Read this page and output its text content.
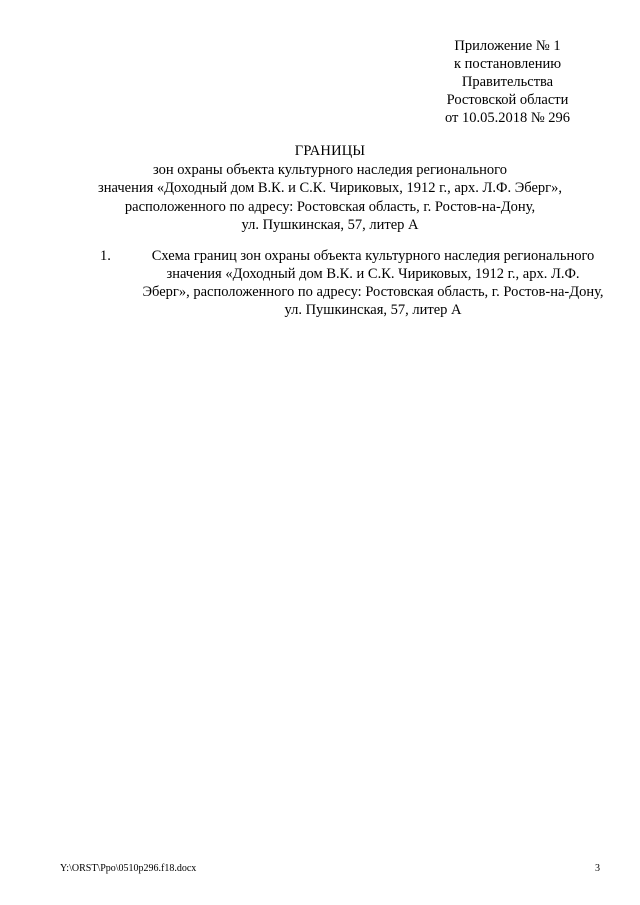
Приложение № 1
к постановлению
Правительства
Ростовской области
от 10.05.2018 № 296
ГРАНИЦЫ
зон охраны объекта культурного наследия регионального
значения «Доходный дом В.К. и С.К. Чириковых, 1912 г., арх. Л.Ф. Эберг»,
расположенного по адресу: Ростовская область, г. Ростов-на-Дону,
ул. Пушкинская, 57, литер А
1.	Схема границ зон охраны объекта культурного наследия регионального
значения «Доходный дом В.К. и С.К. Чириковых, 1912 г., арх. Л.Ф.
Эберг», расположенного по адресу: Ростовская область, г. Ростов-на-Дону,
ул. Пушкинская, 57, литер А
Y:\ORST\Ppo\0510p296.f18.docx	3
